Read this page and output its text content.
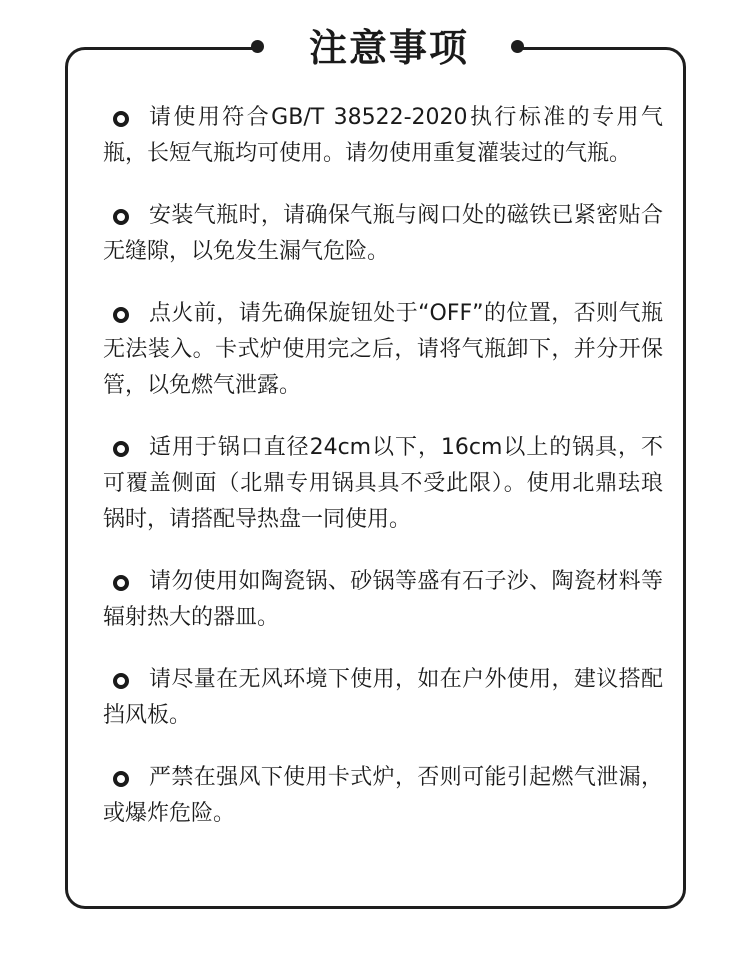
注意事项
请使用符合GB/T 38522-2020执行标准的专用气瓶，长短气瓶均可使用。请勿使用重复灌装过的气瓶。
安装气瓶时，请确保气瓶与阀口处的磁铁已紧密贴合无缝隙，以免发生漏气危险。
点火前，请先确保旋钮处于“OFF”的位置，否则气瓶无法装入。卡式炉使用完之后，请将气瓶卸下，并分开保管，以免燃气泄露。
适用于锅口直径24cm以下，16cm以上的锅具，不可覆盖侧面（北鼎专用锅具具不受此限）。使用北鼎珐琅锅时，请搭配导热盘一同使用。
请勿使用如陶瓷锅、砂锅等盛有石子沙、陶瓷材料等辐射热大的器皿。
请尽量在无风环境下使用，如在户外使用，建议搭配挡风板。
严禁在强风下使用卡式炉，否则可能引起燃气泄漏，或爆炸危险。
